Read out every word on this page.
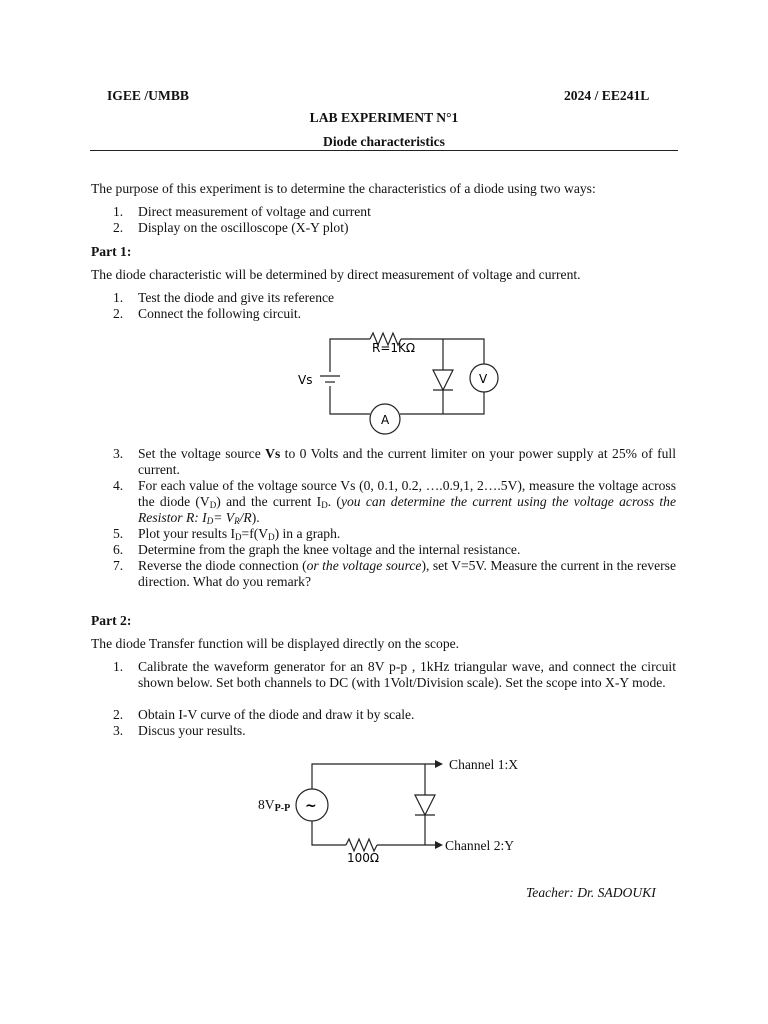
IGEE /UMBB	2024 / EE241L
LAB EXPERIMENT N°1
Diode characteristics
The purpose of this experiment is to determine the characteristics of a diode using two ways:
1. Direct measurement of voltage and current
2. Display on the oscilloscope (X-Y plot)
Part 1:
The diode characteristic will be determined by direct measurement of voltage and current.
1. Test the diode and give its reference
2. Connect the following circuit.
R=1KΩ
Vs	V
A
3. Set the voltage source Vs to 0 Volts and the current limiter on your power supply at 25% of full current.
4. For each value of the voltage source Vs (0, 0.1, 0.2, ….0.9,1, 2….5V), measure the voltage across the diode $(V_D)$ and the current $I_D$. (you can determine the current using the voltage across the Resistor R: $I_D= V_R/R$).
5. Plot your results $I_D=f(V_D)$ in a graph.
6. Determine from the graph the knee voltage and the internal resistance.
7. Reverse the diode connection (or the voltage source), set V=5V. Measure the current in the reverse direction. What do you remark?
Part 2:
The diode Transfer function will be displayed directly on the scope.
1. Calibrate the waveform generator for an 8V p-p , 1kHz triangular wave, and connect the circuit shown below. Set both channels to DC (with 1Volt/Division scale). Set the scope into X-Y mode.
2. Obtain I-V curve of the diode and draw it by scale.
3. Discus your results.
~
100Ω
$8V_{P-P}$
Channel 1:X
Channel 2:Y
Teacher: Dr. SADOUKI
